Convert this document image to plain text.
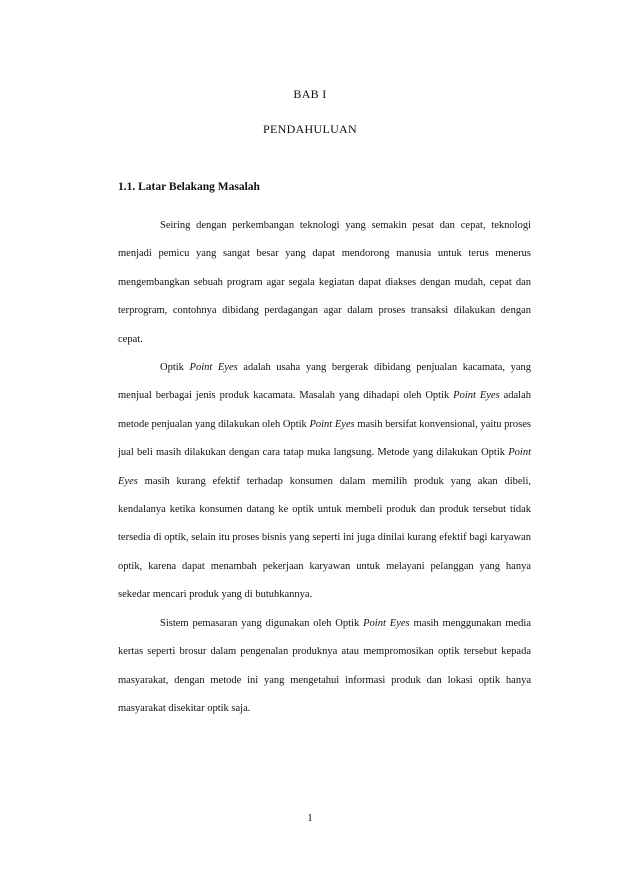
BAB I
PENDAHULUAN
1.1. Latar Belakang Masalah

Seiring dengan perkembangan teknologi yang semakin pesat dan cepat, teknologi menjadi pemicu yang sangat besar yang dapat mendorong manusia untuk terus menerus mengembangkan sebuah program agar segala kegiatan dapat diakses dengan mudah, cepat dan terprogram, contohnya dibidang perdagangan agar dalam proses transaksi dilakukan dengan cepat.

Optik Point Eyes adalah usaha yang bergerak dibidang penjualan kacamata, yang menjual berbagai jenis produk kacamata. Masalah yang dihadapi oleh Optik Point Eyes adalah metode penjualan yang dilakukan oleh Optik Point Eyes masih bersifat konvensional, yaitu proses jual beli masih dilakukan dengan cara tatap muka langsung. Metode yang dilakukan Optik Point Eyes masih kurang efektif terhadap konsumen dalam memilih produk yang akan dibeli, kendalanya ketika konsumen datang ke optik untuk membeli produk dan produk tersebut tidak tersedia di optik, selain itu proses bisnis yang seperti ini juga dinilai kurang efektif bagi karyawan optik, karena dapat menambah pekerjaan karyawan untuk melayani pelanggan yang hanya sekedar mencari produk yang di butuhkannya.

Sistem pemasaran yang digunakan oleh Optik Point Eyes masih menggunakan media kertas seperti brosur dalam pengenalan produknya atau mempromosikan optik tersebut kepada masyarakat, dengan metode ini yang mengetahui informasi produk dan lokasi optik hanya masyarakat disekitar optik saja.

1
